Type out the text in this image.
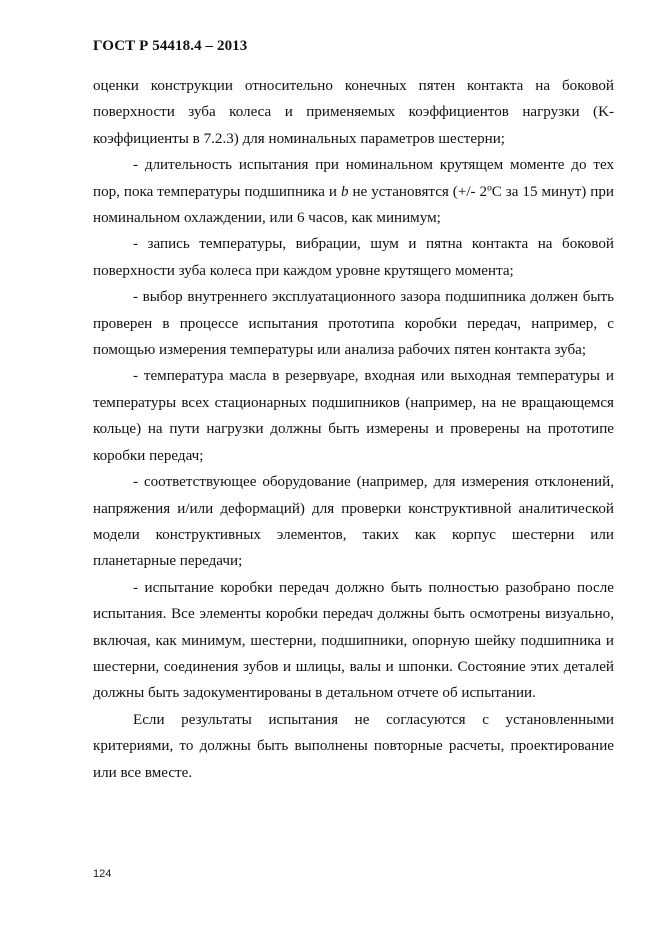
ГОСТ Р 54418.4 – 2013

оценки конструкции относительно конечных пятен контакта на боковой поверхности зуба колеса и применяемых коэффициентов нагрузки (K-коэффициенты в 7.2.3) для номинальных параметров шестерни;

- длительность испытания при номинальном крутящем моменте до тех пор, пока температуры подшипника и b не установятся (+/- 2ºС за 15 минут) при номинальном охлаждении, или 6 часов, как минимум;

- запись температуры, вибрации, шум и пятна контакта на боковой поверхности зуба колеса при каждом уровне крутящего момента;

- выбор внутреннего эксплуатационного зазора подшипника должен быть проверен в процессе испытания прототипа коробки передач, например, с помощью измерения температуры или анализа рабочих пятен контакта зуба;

- температура масла в резервуаре, входная или выходная температуры и температуры всех стационарных подшипников (например, на не вращающемся кольце) на пути нагрузки должны быть измерены и проверены на прототипе коробки передач;

- соответствующее оборудование (например, для измерения отклонений, напряжения и/или деформаций) для проверки конструктивной аналитической модели конструктивных элементов, таких как корпус шестерни или планетарные передачи;

- испытание коробки передач должно быть полностью разобрано после испытания. Все элементы коробки передач должны быть осмотрены визуально, включая, как минимум, шестерни, подшипники, опорную шейку подшипника и шестерни, соединения зубов и шлицы, валы и шпонки. Состояние этих деталей должны быть задокументированы в детальном отчете об испытании.

Если результаты испытания не согласуются с установленными критериями, то должны быть выполнены повторные расчеты, проектирование или все вместе.

124
